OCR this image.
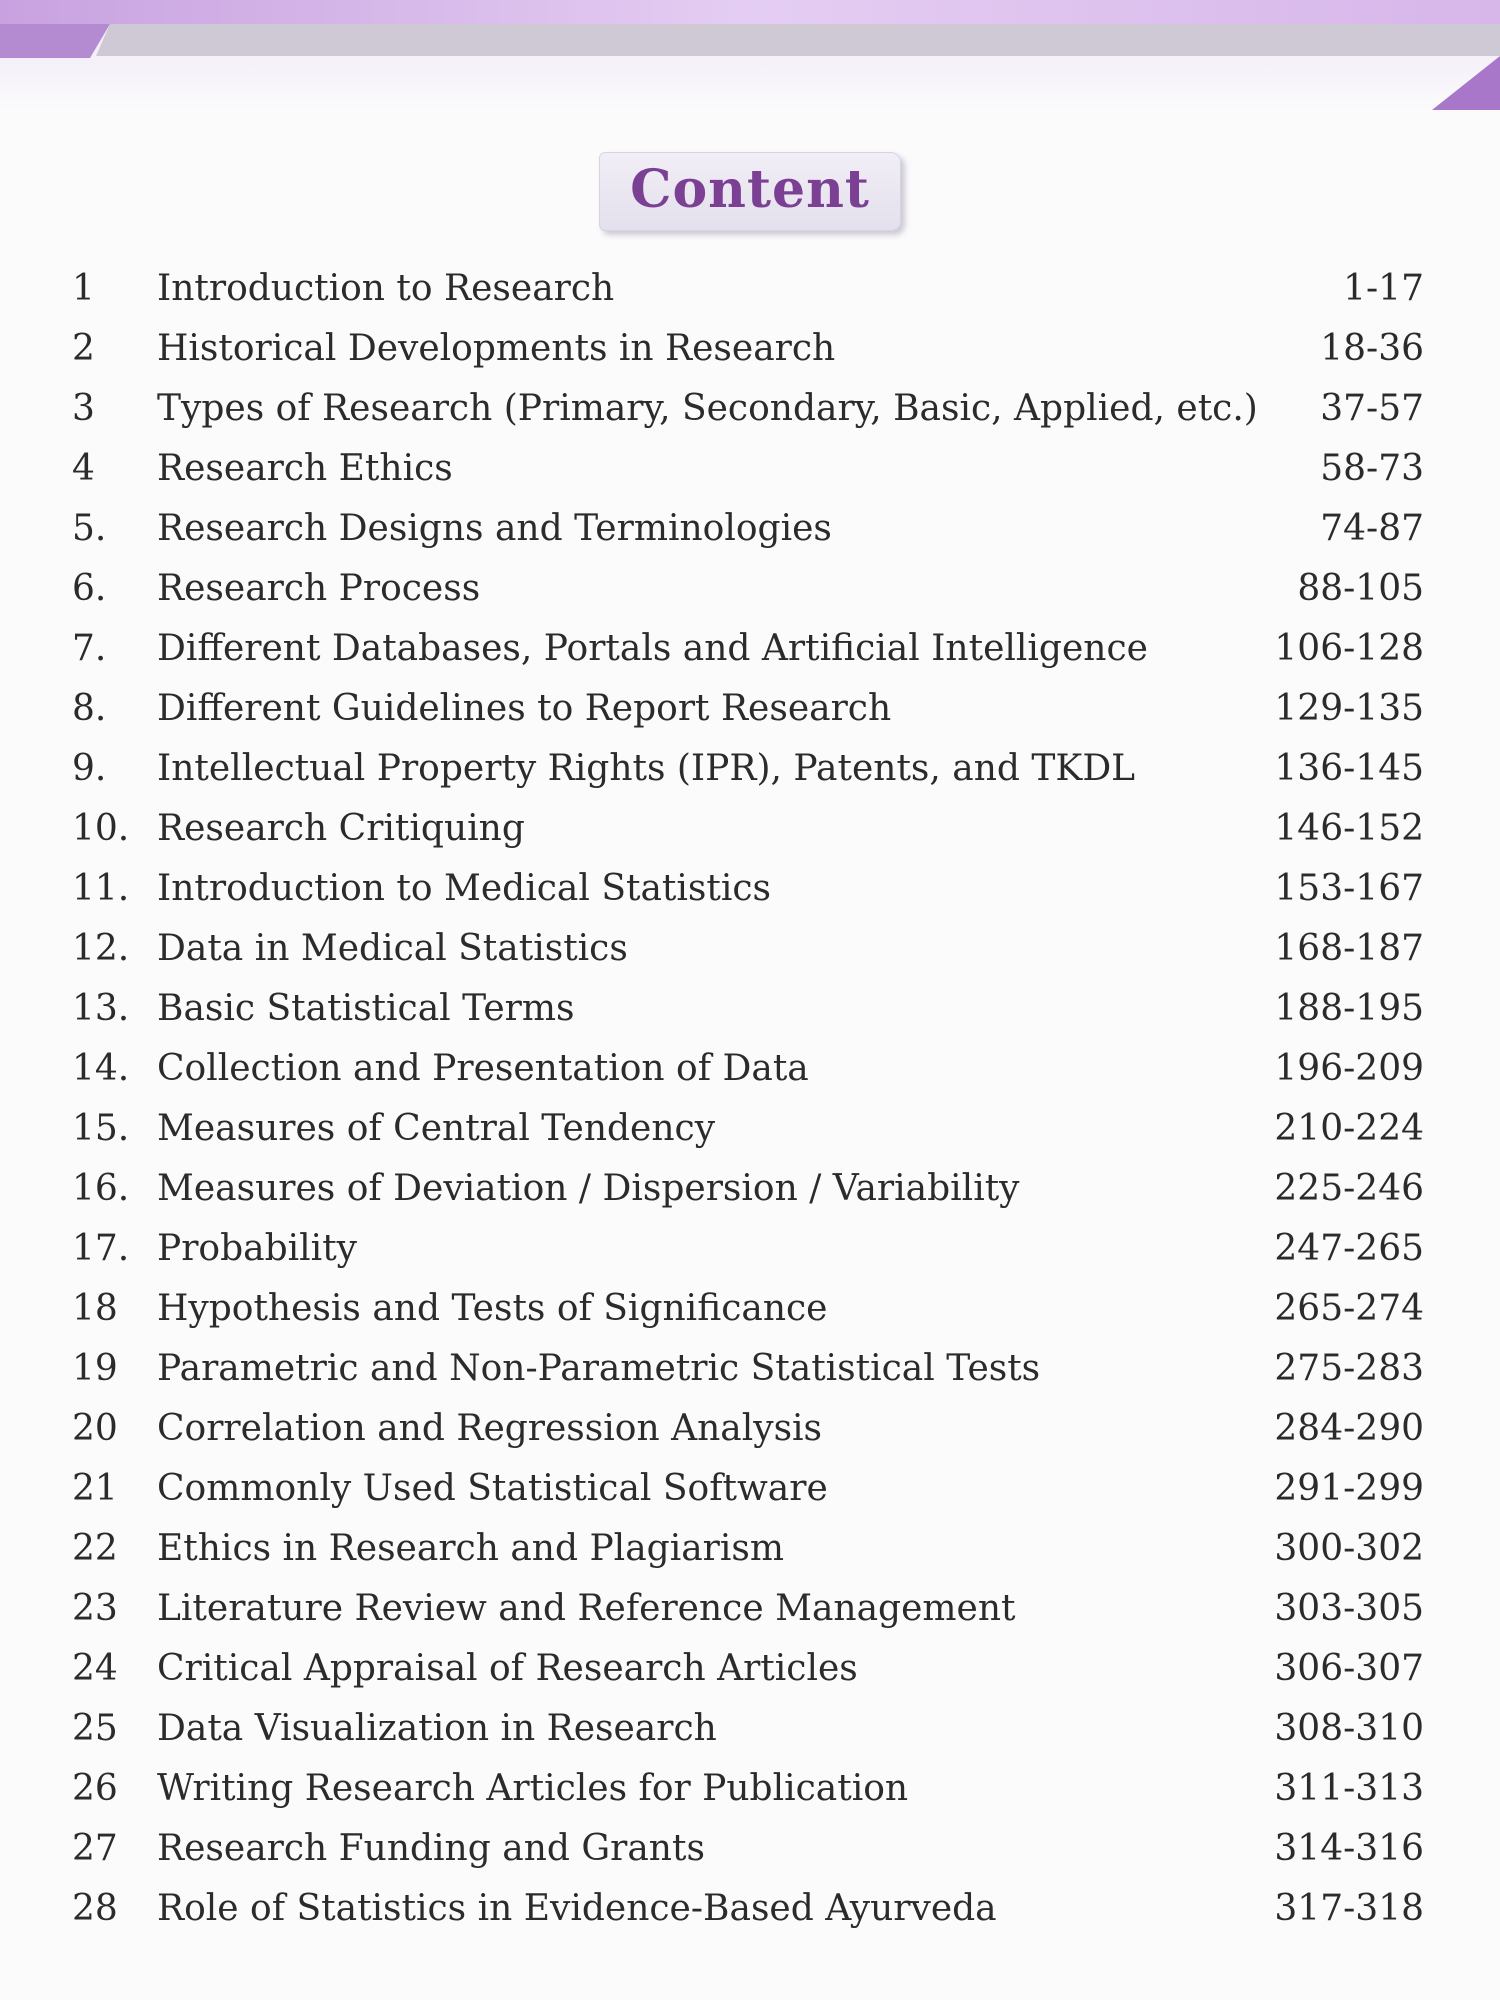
Content
1 Introduction to Research	1-17
2 Historical Developments in Research	18-36
3 Types of Research (Primary, Secondary, Basic, Applied, etc.) 37-57
4 Research Ethics	58-73
5. Research Designs and Terminologies	74-87
6. Research Process	88-105
7. Different Databases, Portals and Artificial Intelligence	106-128
8. Different Guidelines to Report Research	129-135
9. Intellectual Property Rights (IPR), Patents, and TKDL	136-145
10. Research Critiquing	146-152
11. Introduction to Medical Statistics	153-167
12. Data in Medical Statistics	168-187
13. Basic Statistical Terms	188-195
14. Collection and Presentation of Data	196-209
15. Measures of Central Tendency	210-224
16. Measures of Deviation / Dispersion / Variability	225-246
17. Probability	247-265
18 Hypothesis and Tests of Significance	265-274
19 Parametric and Non-Parametric Statistical Tests	275-283
20 Correlation and Regression Analysis	284-290
21 Commonly Used Statistical Software	291-299
22 Ethics in Research and Plagiarism	300-302
23 Literature Review and Reference Management	303-305
24 Critical Appraisal of Research Articles	306-307
25 Data Visualization in Research	308-310
26 Writing Research Articles for Publication	311-313
27 Research Funding and Grants	314-316
28 Role of Statistics in Evidence-Based Ayurveda	317-318
